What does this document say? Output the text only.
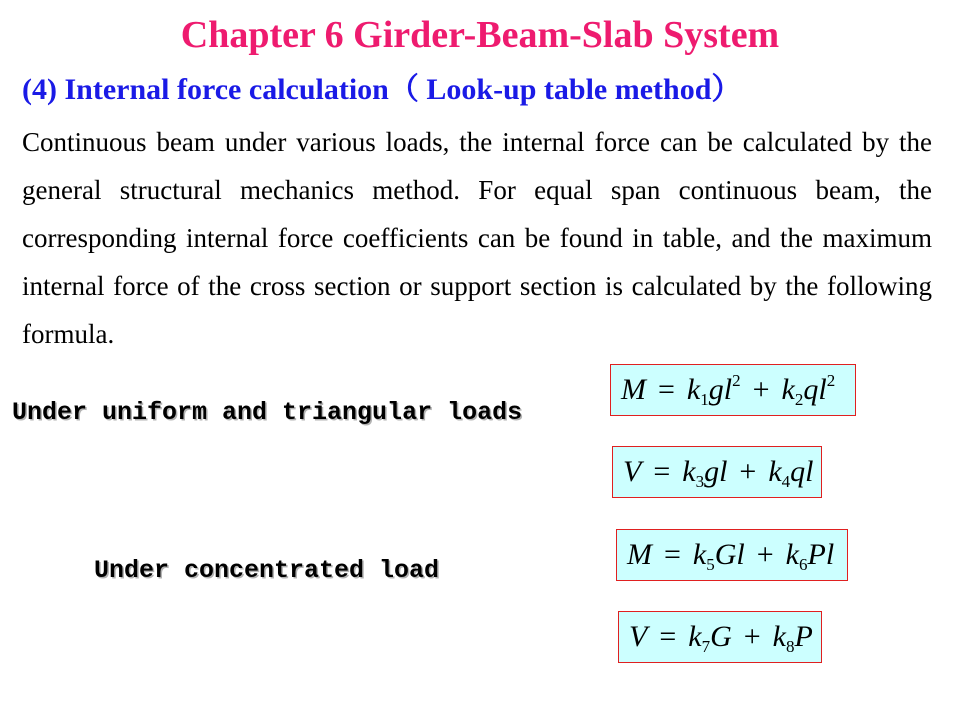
Chapter 6 Girder-Beam-Slab System
(4) Internal force calculation（ Look-up table method）

Continuous beam under various loads, the internal force can be calculated by the general structural mechanics method. For equal span continuous beam, the corresponding internal force coefficients can be found in table, and the maximum internal force of the cross section or support section is calculated by the following formula.

Under uniform and triangular loads
Under concentrated load
$M = k_1gl^2 + k_2ql^2$
$V = k_3gl + k_4ql$
$M = k_5Gl + k_6Pl$
$V = k_7G + k_8P$
